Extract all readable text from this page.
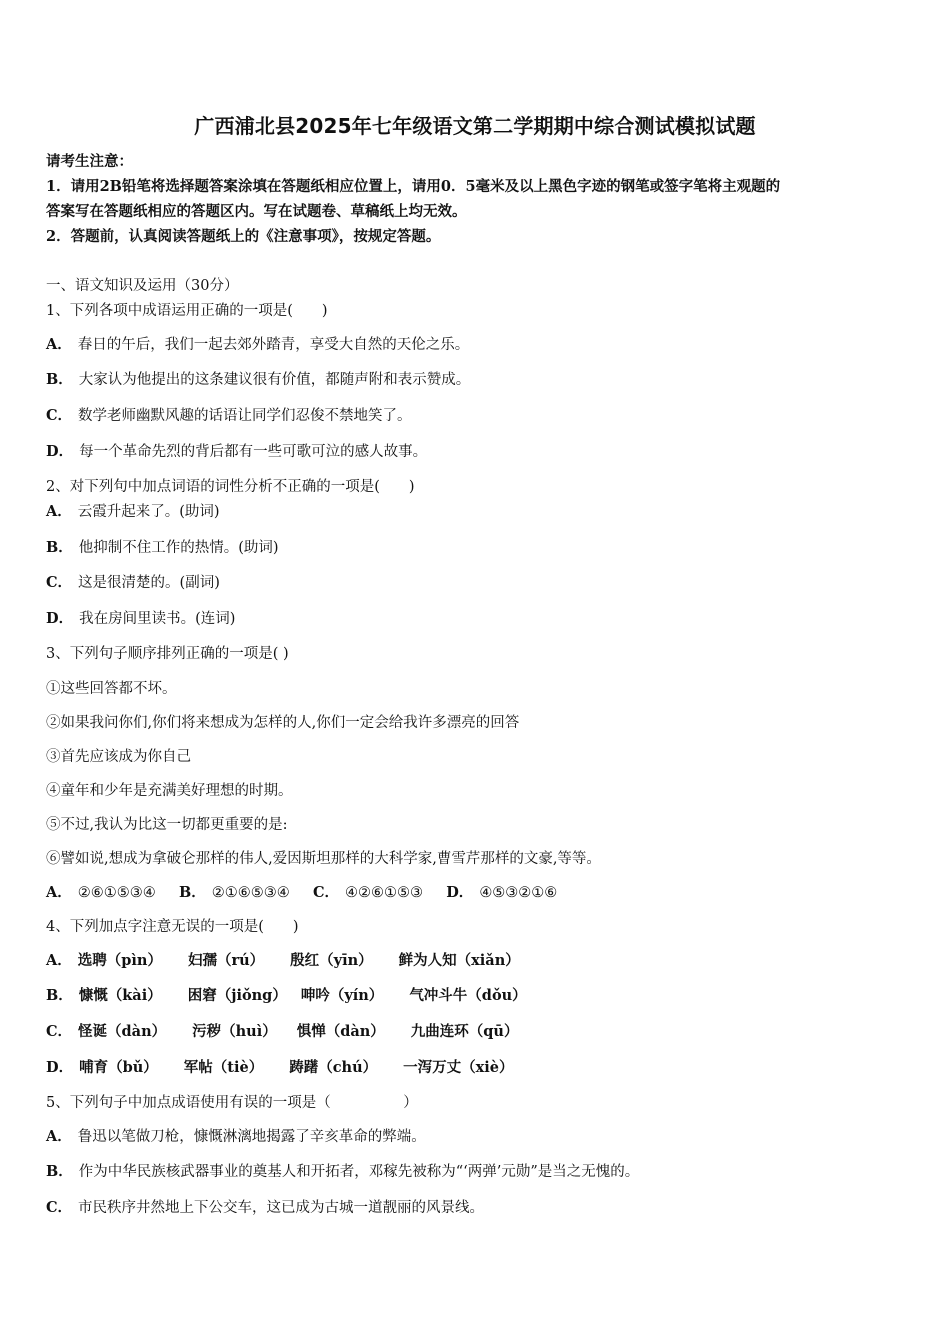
广西浦北县2025年七年级语文第二学期期中综合测试模拟试题
请考生注意：
1．请用2B铅笔将选择题答案涂填在答题纸相应位置上，请用0．5毫米及以上黑色字迹的钢笔或签字笔将主观题的
答案写在答题纸相应的答题区内。写在试题卷、草稿纸上均无效。
2．答题前，认真阅读答题纸上的《注意事项》，按规定答题。
一、语文知识及运用（30分）
1、下列各项中成语运用正确的一项是(　　)
A． 春日的午后，我们一起去郊外踏青，享受大自然的天伦之乐。
B． 大家认为他提出的这条建议很有价值，都随声附和表示赞成。
C． 数学老师幽默风趣的话语让同学们忍俊不禁地笑了。
D． 每一个革命先烈的背后都有一些可歌可泣的感人故事。
2、对下列句中加点词语的词性分析不正确的一项是(　　)
A． 云霞升起来了。(助词)
B． 他抑制不住工作的热情。(助词)
C． 这是很清楚的。(副词)
D． 我在房间里读书。(连词)
3、下列句子顺序排列正确的一项是( )
①这些回答都不坏。
②如果我问你们,你们将来想成为怎样的人,你们一定会给我许多漂亮的回答
③首先应该成为你自己
④童年和少年是充满美好理想的时期。
⑤不过,我认为比这一切都更重要的是:
⑥譬如说,想成为拿破仑那样的伟人,爱因斯坦那样的大科学家,曹雪芹那样的文豪,等等。
A． ②⑥①⑤③④ B． ②①⑥⑤③④ C． ④②⑥①⑤③ D． ④⑤③②①⑥
4、下列加点字注意无误的一项是(　　)
A． 选聘（pìn） 妇孺（rú） 殷红（yīn） 鲜为人知（xiǎn）
B． 慷慨（kài） 困窘（jiǒng） 呻吟（yín） 气冲斗牛（dǒu）
C． 怪诞（dàn） 污秽（huì） 惧惮（dàn） 九曲连环（qū）
D． 哺育（bǔ） 军帖（tiè） 踌躇（chú） 一泻万丈（xiè）
5、下列句子中加点成语使用有误的一项是（　　　　　）
A． 鲁迅以笔做刀枪，慷慨淋漓地揭露了辛亥革命的弊端。
B． 作为中华民族核武器事业的奠基人和开拓者，邓稼先被称为“‘两弹’元勋”是当之无愧的。
C． 市民秩序井然地上下公交车，这已成为古城一道靓丽的风景线。
